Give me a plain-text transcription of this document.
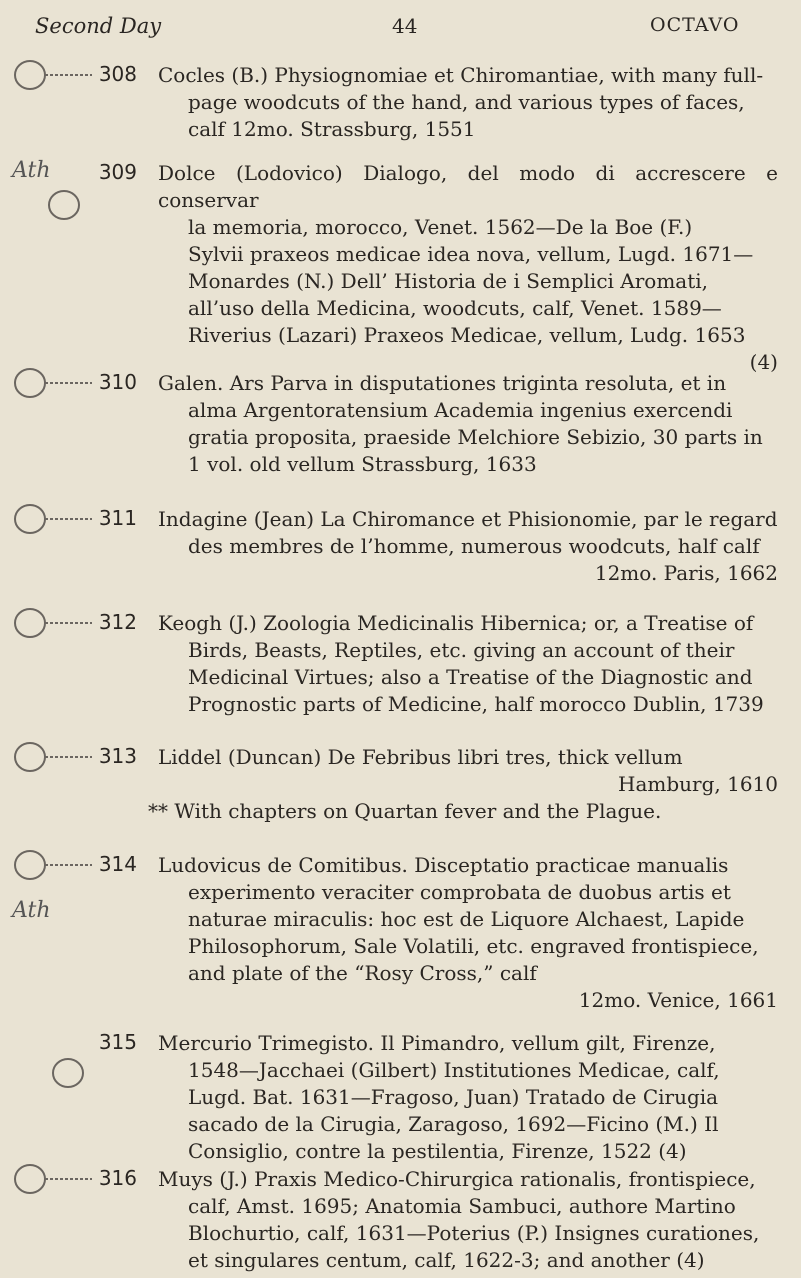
Second Day	44	OCTAVO
Ath
Ath
308 Cocles (B.) Physiognomiae et Chiromantiae, with many full-

page woodcuts of the hand, and various types of faces,

calf 12mo. Strassburg, 1551

309 Dolce (Lodovico) Dialogo, del modo di accrescere e conservar

la memoria, morocco, Venet. 1562—De la Boe (F.)

Sylvii praxeos medicae idea nova, vellum, Lugd. 1671—

Monardes (N.) Dell’ Historia de i Semplici Aromati,

all’uso della Medicina, woodcuts, calf, Venet. 1589—

Riverius (Lazari) Praxeos Medicae, vellum, Ludg. 1653

(4)

310 Galen. Ars Parva in disputationes triginta resoluta, et in

alma Argentoratensium Academia ingenius exercendi

gratia proposita, praeside Melchiore Sebizio, 30 parts in

1 vol. old vellum Strassburg, 1633

311 Indagine (Jean) La Chiromance et Phisionomie, par le regard

des membres de l’homme, numerous woodcuts, half calf

12mo. Paris, 1662

312 Keogh (J.) Zoologia Medicinalis Hibernica; or, a Treatise of

Birds, Beasts, Reptiles, etc. giving an account of their

Medicinal Virtues; also a Treatise of the Diagnostic and

Prognostic parts of Medicine, half morocco Dublin, 1739

313 Liddel (Duncan) De Febribus libri tres, thick vellum

Hamburg, 1610

** With chapters on Quartan fever and the Plague.

314 Ludovicus de Comitibus. Disceptatio practicae manualis

experimento veraciter comprobata de duobus artis et

naturae miraculis: hoc est de Liquore Alchaest, Lapide

Philosophorum, Sale Volatili, etc. engraved frontispiece,

and plate of the “Rosy Cross,” calf

12mo. Venice, 1661

315 Mercurio Trimegisto. Il Pimandro, vellum gilt, Firenze,

1548—Jacchaei (Gilbert) Institutiones Medicae, calf,

Lugd. Bat. 1631—Fragoso, Juan) Tratado de Cirugia

sacado de la Cirugia, Zaragoso, 1692—Ficino (M.) Il

Consiglio, contre la pestilentia, Firenze, 1522 (4)

316 Muys (J.) Praxis Medico-Chirurgica rationalis, frontispiece,

calf, Amst. 1695; Anatomia Sambuci, authore Martino

Blochurtio, calf, 1631—Poterius (P.) Insignes curationes,

et singulares centum, calf, 1622-3; and another (4)
